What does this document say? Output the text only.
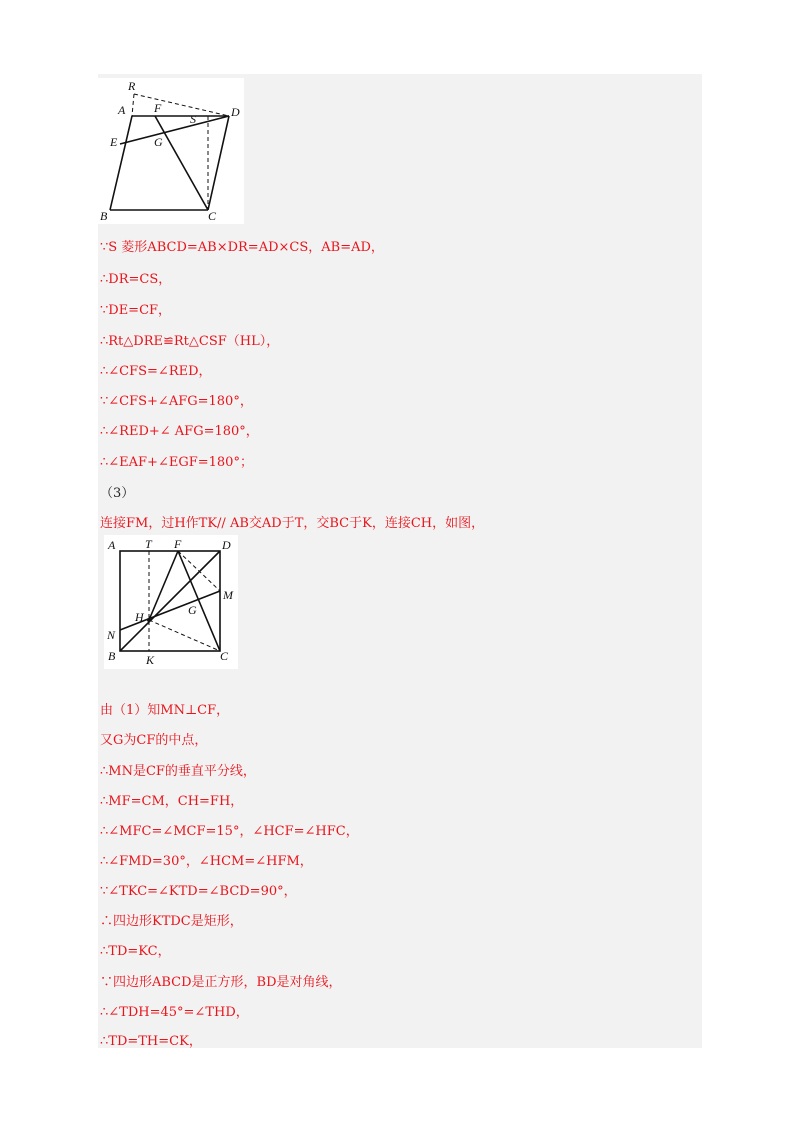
R
A F
S	D
E	G
B	C
∵S 菱形ABCD=AB×DR=AD×CS，AB=AD，
∴DR=CS，
∵DE=CF，
∴Rt△DRE≌Rt△CSF（HL），
∴∠CFS=∠RED，
∵∠CFS+∠AFG=180°，
∴∠RED+∠ AFG=180°，
∴∠EAF+∠EGF=180°；
（3）
连接FM，过H作TK// AB交AD于T，交BC于K，连接CH，如图，
A T F	D
M
H	G
N
B	K	C
由（1）知MN⊥CF，
又G为CF的中点，
∴MN是CF的垂直平分线，
∴MF=CM，CH=FH，
∴∠MFC=∠MCF=15°，∠HCF=∠HFC，
∴∠FMD=30°，∠HCM=∠HFM，
∵∠TKC=∠KTD=∠BCD=90°，
∴四边形KTDC是矩形，
∴TD=KC，
∵四边形ABCD是正方形，BD是对角线，
∴∠TDH=45°=∠THD，
∴TD=TH=CK，
